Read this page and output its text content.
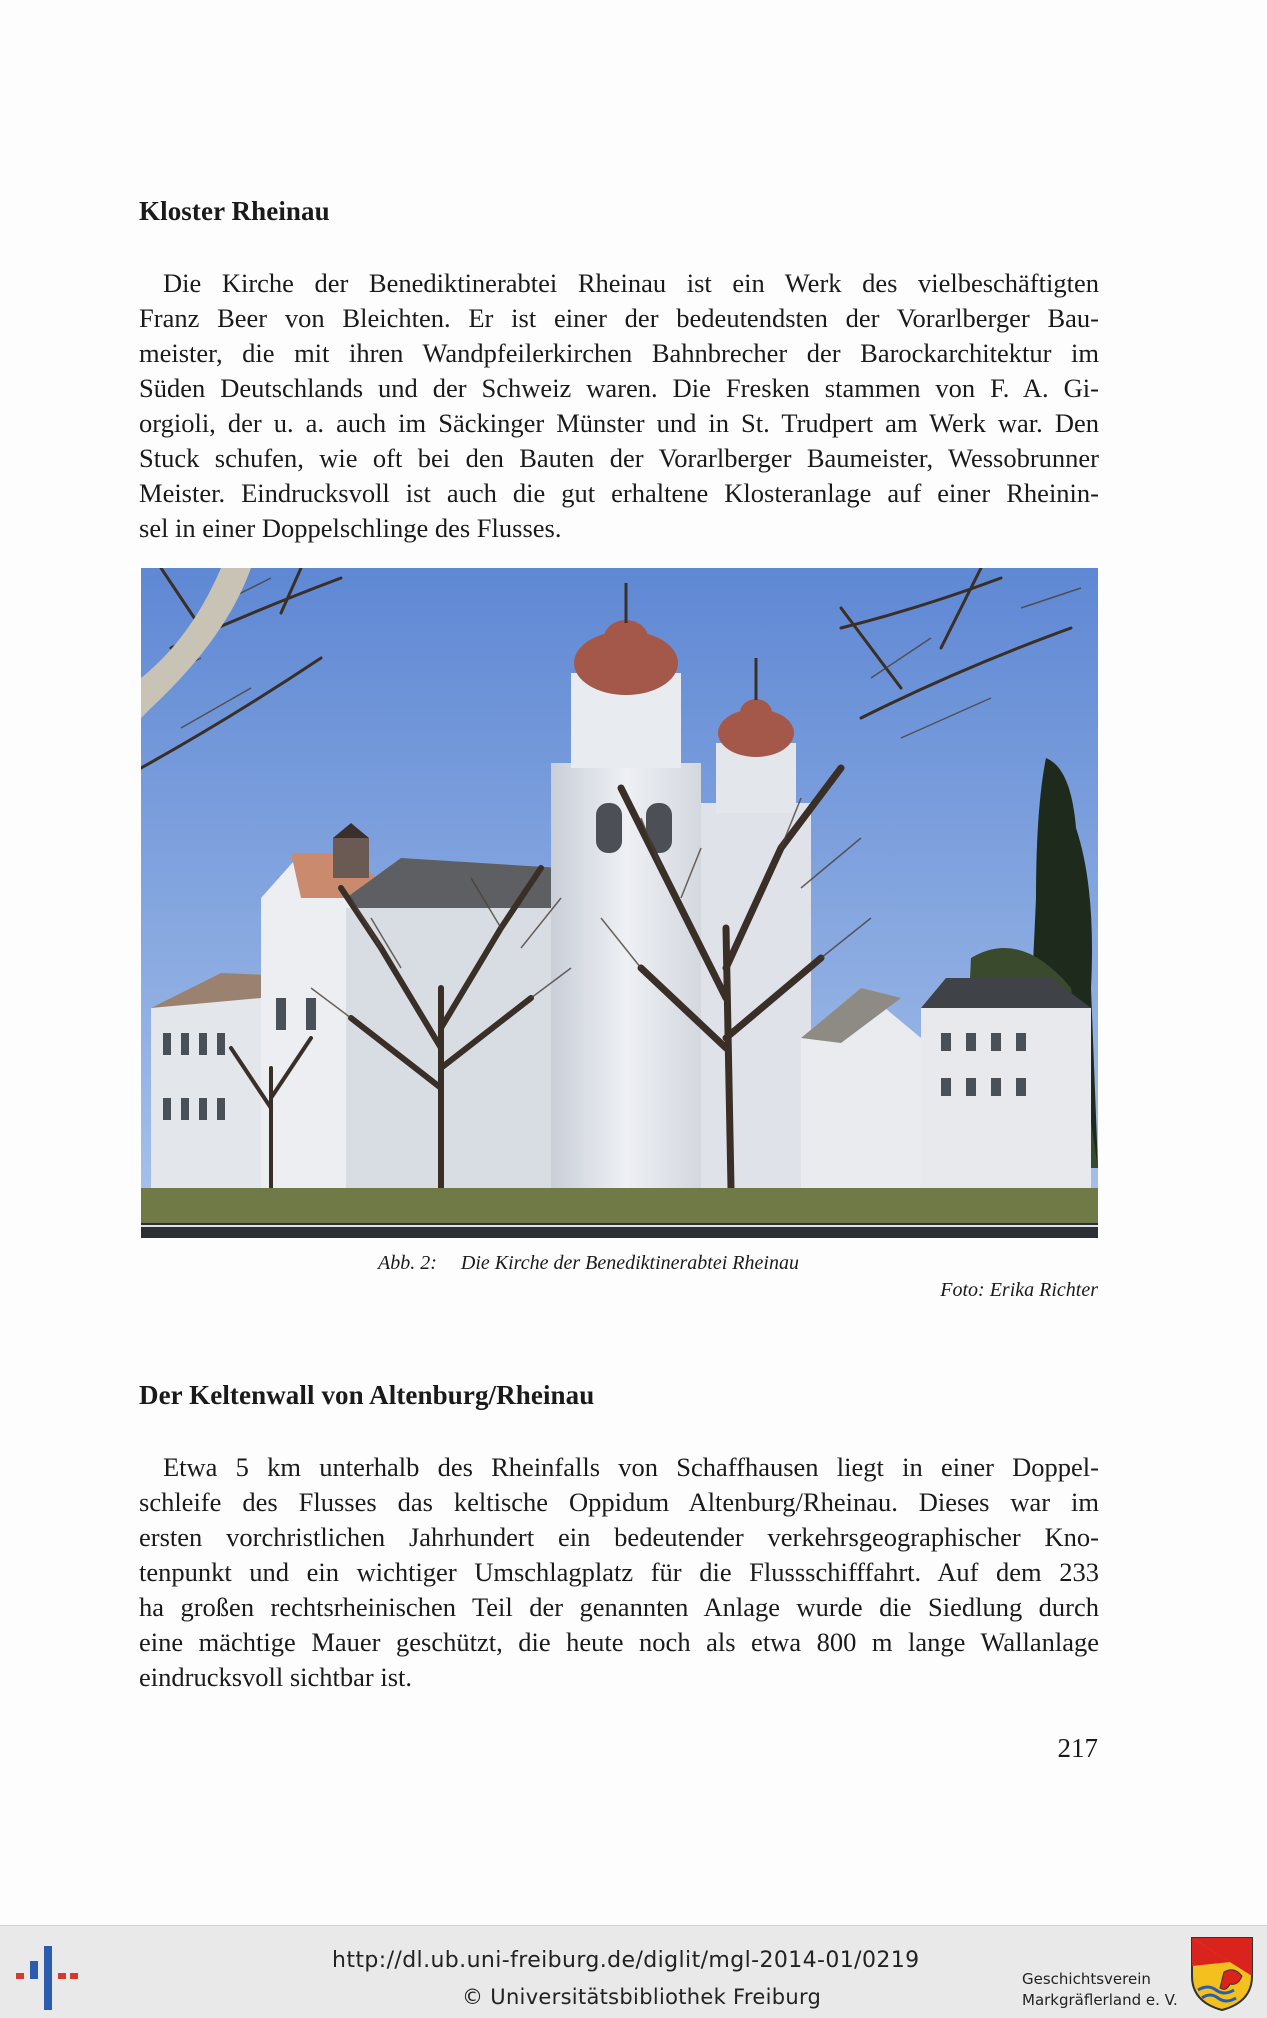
Kloster Rheinau
Die Kirche der Benediktinerabtei Rheinau ist ein Werk des vielbeschäftigten
Franz Beer von Bleichten. Er ist einer der bedeutendsten der Vorarlberger Bau-
meister, die mit ihren Wandpfeilerkirchen Bahnbrecher der Barockarchitektur im
Süden Deutschlands und der Schweiz waren. Die Fresken stammen von F. A. Gi-
orgioli, der u. a. auch im Säckinger Münster und in St. Trudpert am Werk war. Den
Stuck schufen, wie oft bei den Bauten der Vorarlberger Baumeister, Wessobrunner
Meister. Eindrucksvoll ist auch die gut erhaltene Klosteranlage auf einer Rheinin-
sel in einer Doppelschlinge des Flusses.

Abb. 2: Die Kirche der Benediktinerabtei Rheinau

Foto: Erika Richter

Der Keltenwall von Altenburg/Rheinau
Etwa 5 km unterhalb des Rheinfalls von Schaffhausen liegt in einer Doppel-
schleife des Flusses das keltische Oppidum Altenburg/Rheinau. Dieses war im
ersten vorchristlichen Jahrhundert ein bedeutender verkehrsgeographischer Kno-
tenpunkt und ein wichtiger Umschlagplatz für die Flussschifffahrt. Auf dem 233
ha großen rechtsrheinischen Teil der genannten Anlage wurde die Siedlung durch
eine mächtige Mauer geschützt, die heute noch als etwa 800 m lange Wallanlage
eindrucksvoll sichtbar ist.

217

http://dl.ub.uni-freiburg.de/diglit/mgl-2014-01/0219
© Universitätsbibliothek Freiburg
Geschichtsverein
Markgräflerland e. V.
